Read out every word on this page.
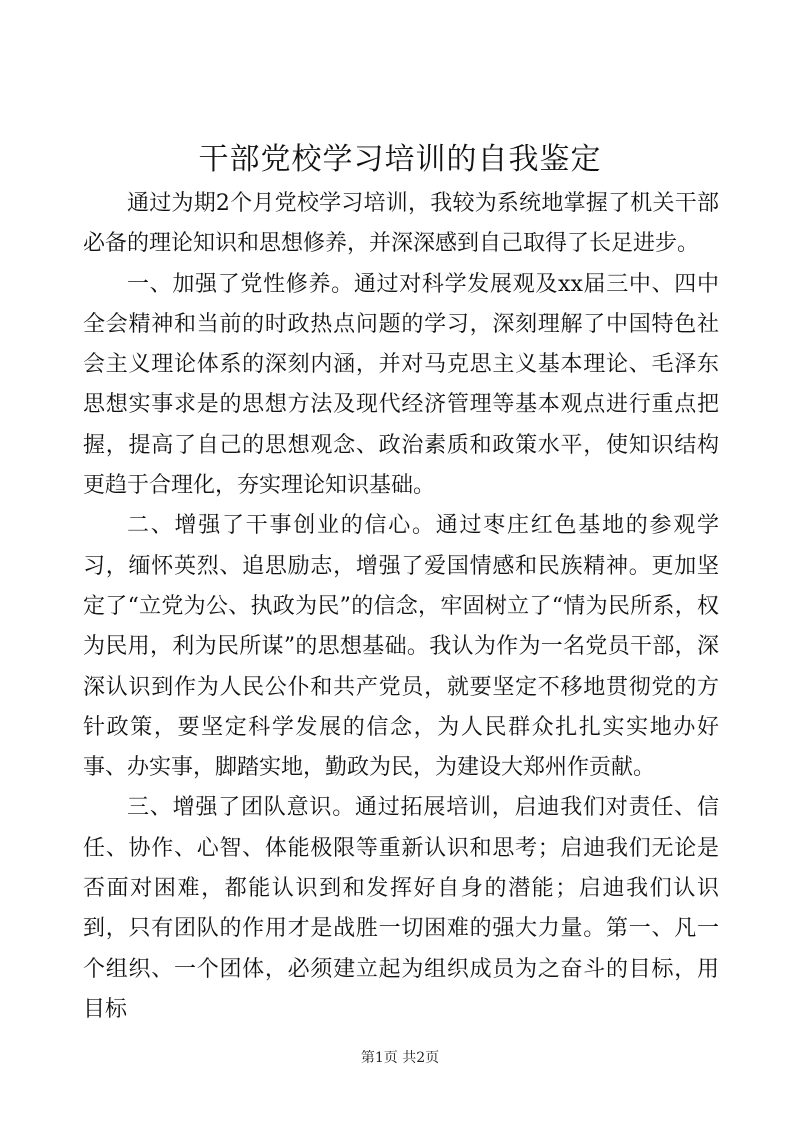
干部党校学习培训的自我鉴定

通过为期2个月党校学习培训，我较为系统地掌握了机关干部必备的理论知识和思想修养，并深深感到自己取得了长足进步。

一、加强了党性修养。通过对科学发展观及xx届三中、四中全会精神和当前的时政热点问题的学习，深刻理解了中国特色社会主义理论体系的深刻内涵，并对马克思主义基本理论、毛泽东思想实事求是的思想方法及现代经济管理等基本观点进行重点把握，提高了自己的思想观念、政治素质和政策水平，使知识结构更趋于合理化，夯实理论知识基础。

二、增强了干事创业的信心。通过枣庄红色基地的参观学习，缅怀英烈、追思励志，增强了爱国情感和民族精神。更加坚定了“立党为公、执政为民”的信念，牢固树立了“情为民所系，权为民用，利为民所谋”的思想基础。我认为作为一名党员干部，深深认识到作为人民公仆和共产党员，就要坚定不移地贯彻党的方针政策，要坚定科学发展的信念，为人民群众扎扎实实地办好事、办实事，脚踏实地，勤政为民，为建设大郑州作贡献。

三、增强了团队意识。通过拓展培训，启迪我们对责任、信任、协作、心智、体能极限等重新认识和思考；启迪我们无论是否面对困难，都能认识到和发挥好自身的潜能；启迪我们认识到，只有团队的作用才是战胜一切困难的强大力量。第一、凡一个组织、一个团体，必须建立起为组织成员为之奋斗的目标，用目标

第1页 共2页
